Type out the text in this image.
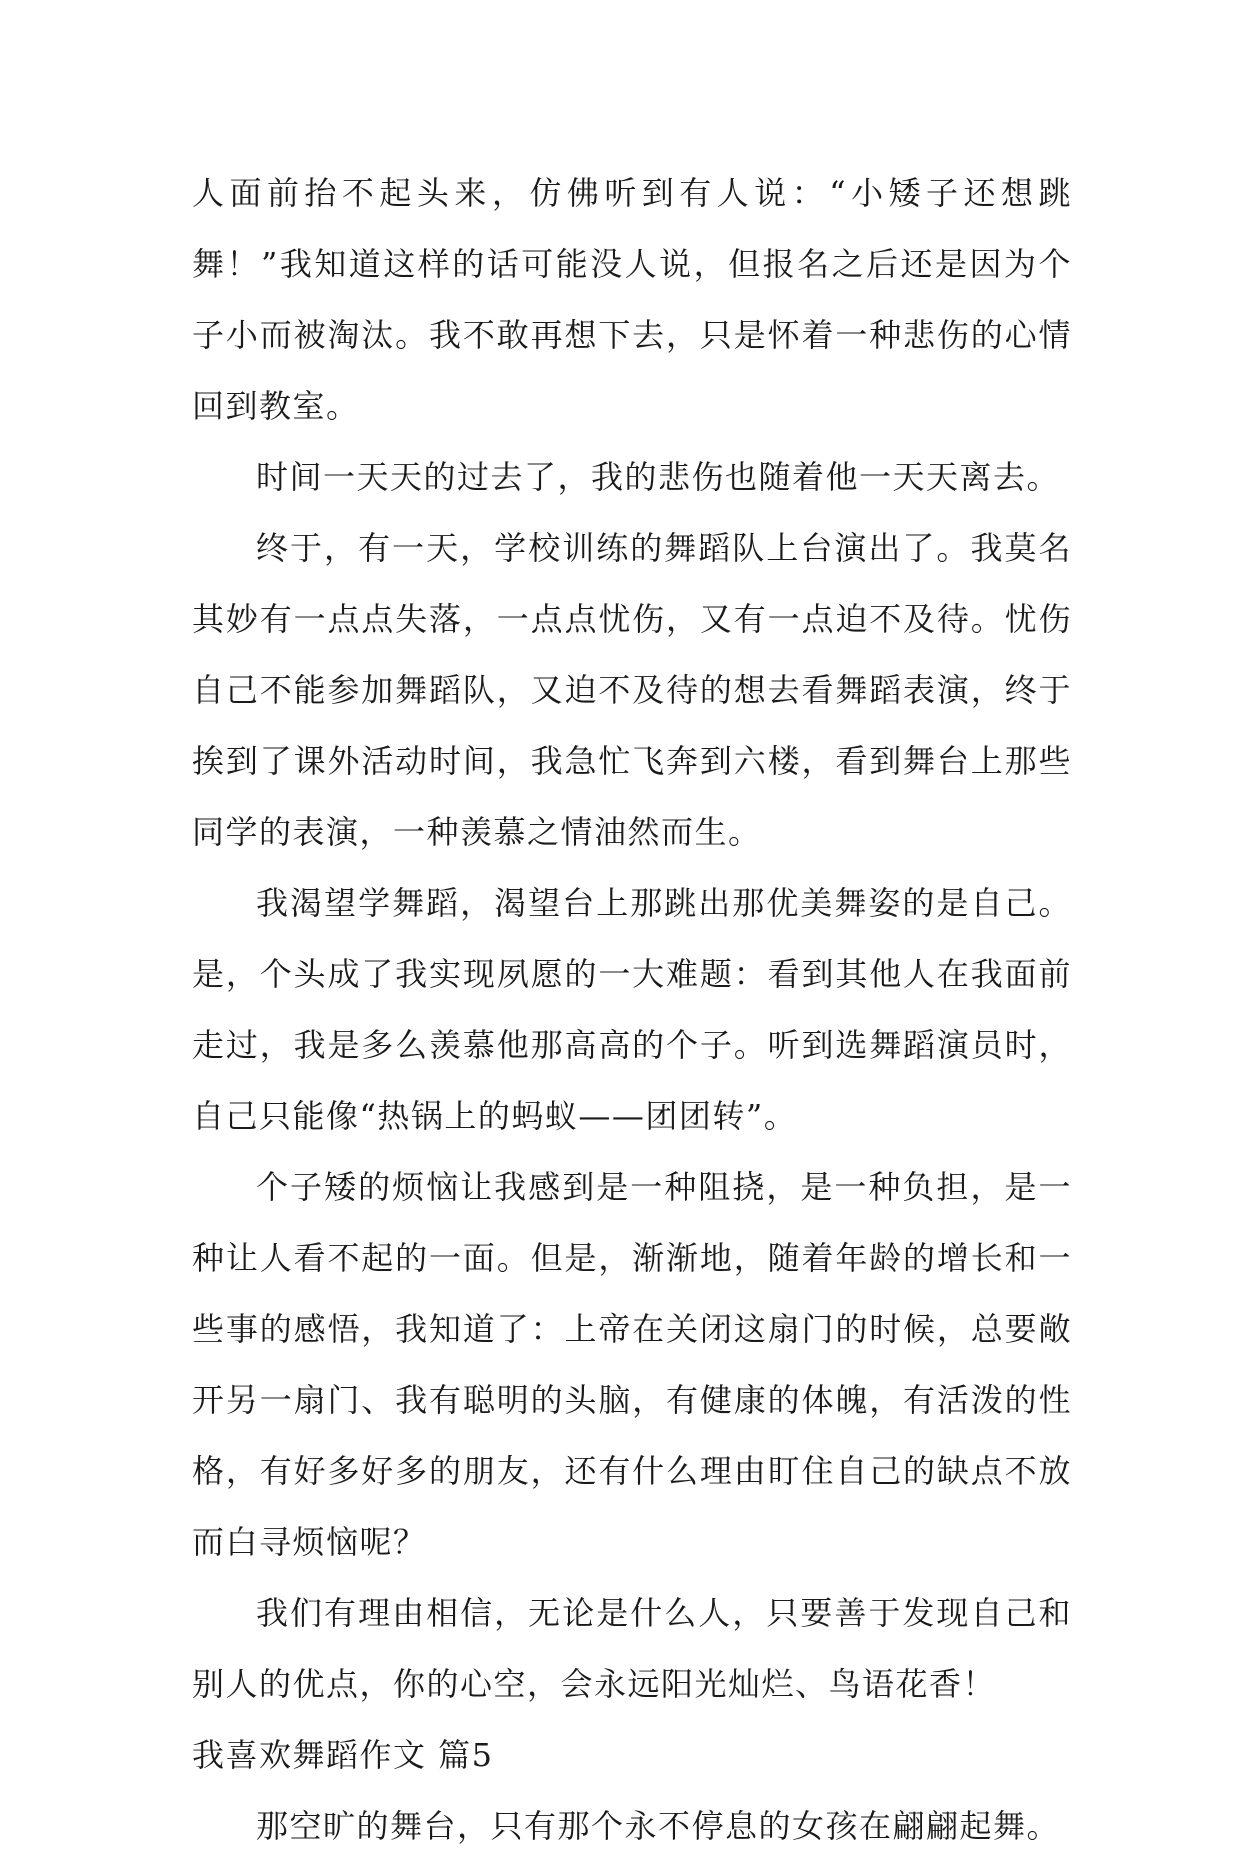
人面前抬不起头来，仿佛听到有人说：“小矮子还想跳舞！”我知道这样的话可能没人说，但报名之后还是因为个子小而被淘汰。我不敢再想下去，只是怀着一种悲伤的心情回到教室。

时间一天天的过去了，我的悲伤也随着他一天天离去。

终于，有一天，学校训练的舞蹈队上台演出了。我莫名其妙有一点点失落，一点点忧伤，又有一点迫不及待。忧伤自己不能参加舞蹈队，又迫不及待的想去看舞蹈表演，终于挨到了课外活动时间，我急忙飞奔到六楼，看到舞台上那些同学的表演，一种羡慕之情油然而生。

我渴望学舞蹈，渴望台上那跳出那优美舞姿的是自己。是，个头成了我实现夙愿的一大难题：看到其他人在我面前走过，我是多么羡慕他那高高的个子。听到选舞蹈演员时，自己只能像“热锅上的蚂蚁——团团转”。

个子矮的烦恼让我感到是一种阻挠，是一种负担，是一种让人看不起的一面。但是，渐渐地，随着年龄的增长和一些事的感悟，我知道了：上帝在关闭这扇门的时候，总要敞开另一扇门、我有聪明的头脑，有健康的体魄，有活泼的性格，有好多好多的朋友，还有什么理由盯住自己的缺点不放而白寻烦恼呢？

我们有理由相信，无论是什么人，只要善于发现自己和别人的优点，你的心空，会永远阳光灿烂、鸟语花香！

我喜欢舞蹈作文 篇5

那空旷的舞台，只有那个永不停息的女孩在翩翩起舞。
